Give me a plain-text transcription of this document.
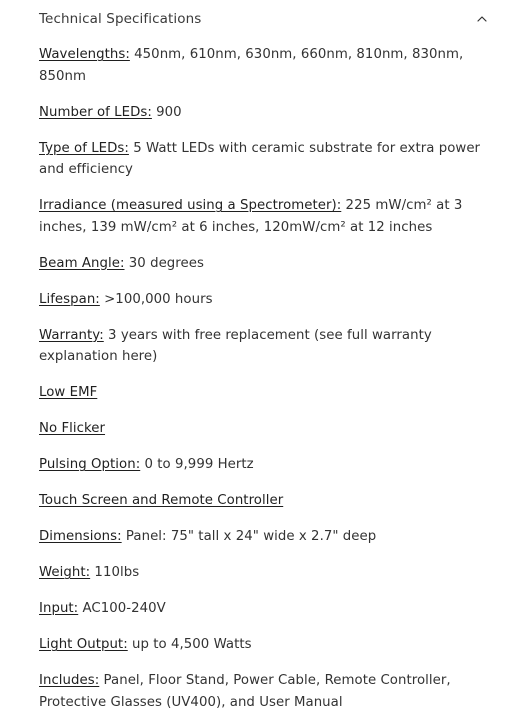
Technical Specifications

Wavelengths: 450nm, 610nm, 630nm, 660nm, 810nm, 830nm, 850nm

Number of LEDs: 900

Type of LEDs: 5 Watt LEDs with ceramic substrate for extra power and efficiency

Irradiance (measured using a Spectrometer): 225 mW/cm² at 3 inches, 139 mW/cm² at 6 inches, 120mW/cm² at 12 inches

Beam Angle: 30 degrees

Lifespan: >100,000 hours

Warranty: 3 years with free replacement (see full warranty explanation here)

Low EMF

No Flicker

Pulsing Option: 0 to 9,999 Hertz

Touch Screen and Remote Controller

Dimensions: Panel: 75" tall x 24" wide x 2.7" deep

Weight: 110lbs

Input: AC100-240V

Light Output: up to 4,500 Watts

Includes: Panel, Floor Stand, Power Cable, Remote Controller, Protective Glasses (UV400), and User Manual
